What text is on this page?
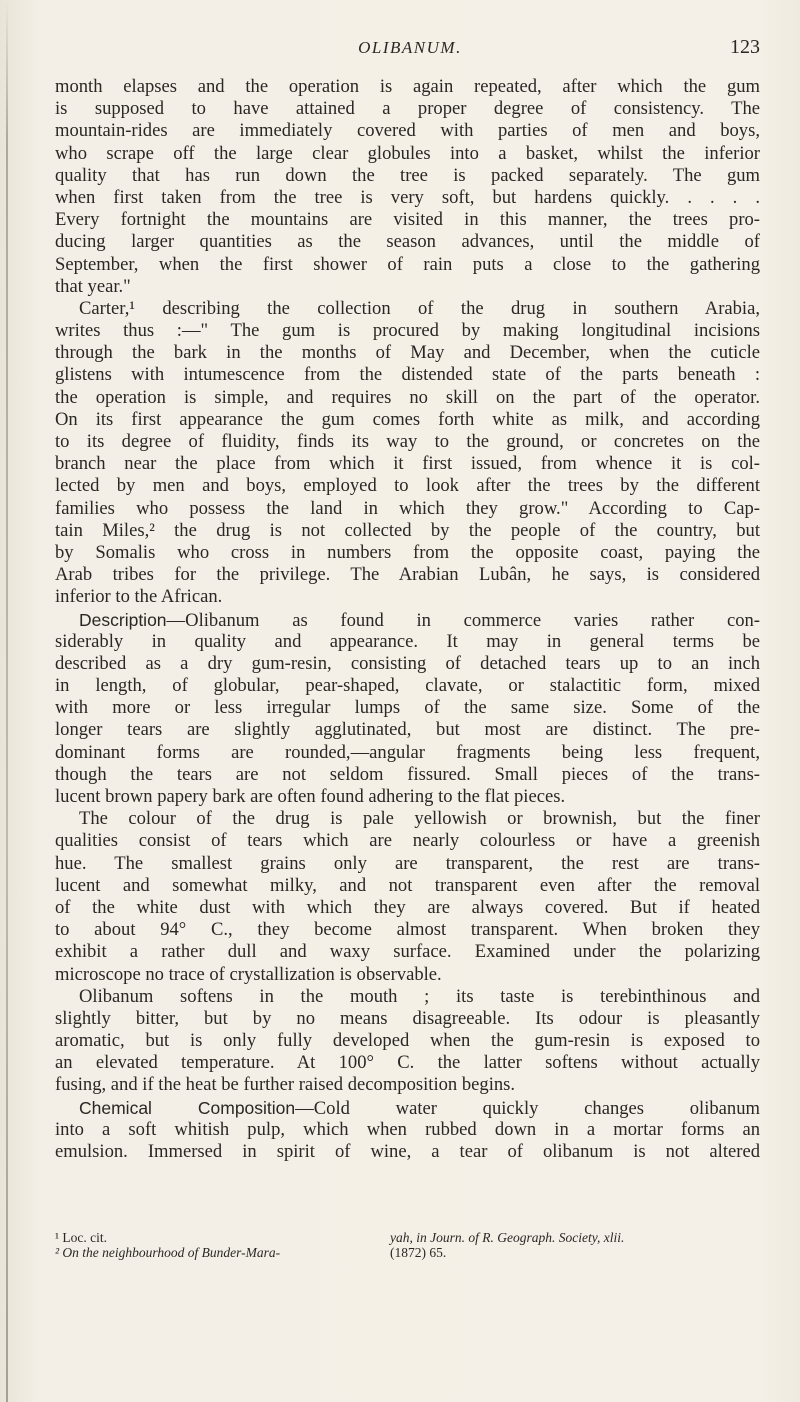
OLIBANUM.	123
month elapses and the operation is again repeated, after which the gum
is supposed to have attained a proper degree of consistency. The
mountain-rides are immediately covered with parties of men and boys,
who scrape off the large clear globules into a basket, whilst the inferior
quality that has run down the tree is packed separately. The gum
when first taken from the tree is very soft, but hardens quickly. . . . .
Every fortnight the mountains are visited in this manner, the trees pro-
ducing larger quantities as the season advances, until the middle of
September, when the first shower of rain puts a close to the gathering
that year."
Carter,¹ describing the collection of the drug in southern Arabia,
writes thus :—" The gum is procured by making longitudinal incisions
through the bark in the months of May and December, when the cuticle
glistens with intumescence from the distended state of the parts beneath :
the operation is simple, and requires no skill on the part of the operator.
On its first appearance the gum comes forth white as milk, and according
to its degree of fluidity, finds its way to the ground, or concretes on the
branch near the place from which it first issued, from whence it is col-
lected by men and boys, employed to look after the trees by the different
families who possess the land in which they grow." According to Cap-
tain Miles,² the drug is not collected by the people of the country, but
by Somalis who cross in numbers from the opposite coast, paying the
Arab tribes for the privilege. The Arabian Lubân, he says, is considered
inferior to the African.
Description—Olibanum as found in commerce varies rather con-
siderably in quality and appearance. It may in general terms be
described as a dry gum-resin, consisting of detached tears up to an inch
in length, of globular, pear-shaped, clavate, or stalactitic form, mixed
with more or less irregular lumps of the same size. Some of the
longer tears are slightly agglutinated, but most are distinct. The pre-
dominant forms are rounded,—angular fragments being less frequent,
though the tears are not seldom fissured. Small pieces of the trans-
lucent brown papery bark are often found adhering to the flat pieces.
The colour of the drug is pale yellowish or brownish, but the finer
qualities consist of tears which are nearly colourless or have a greenish
hue. The smallest grains only are transparent, the rest are trans-
lucent and somewhat milky, and not transparent even after the removal
of the white dust with which they are always covered. But if heated
to about 94° C., they become almost transparent. When broken they
exhibit a rather dull and waxy surface. Examined under the polarizing
microscope no trace of crystallization is observable.
Olibanum softens in the mouth ; its taste is terebinthinous and
slightly bitter, but by no means disagreeable. Its odour is pleasantly
aromatic, but is only fully developed when the gum-resin is exposed to
an elevated temperature. At 100° C. the latter softens without actually
fusing, and if the heat be further raised decomposition begins.
Chemical Composition—Cold water quickly changes olibanum
into a soft whitish pulp, which when rubbed down in a mortar forms an
emulsion. Immersed in spirit of wine, a tear of olibanum is not altered
¹ Loc. cit.	yah, in Journ. of R. Geograph. Society, xlii.
² On the neighbourhood of Bunder-Mara-	(1872) 65.
